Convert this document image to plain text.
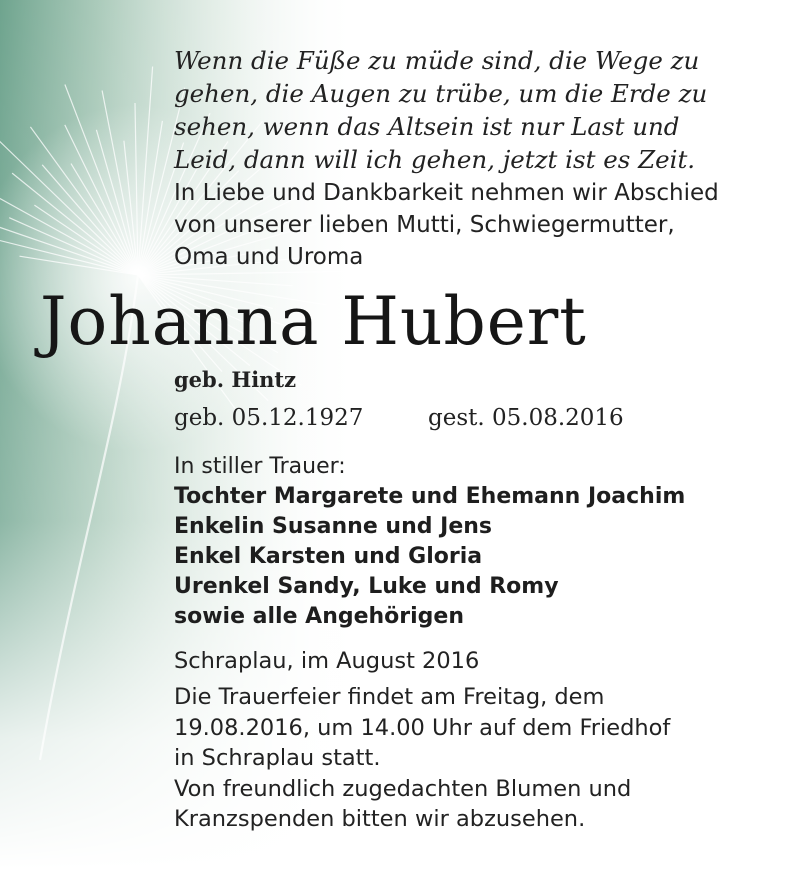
Wenn die Füße zu müde sind, die Wege zu
gehen, die Augen zu trübe, um die Erde zu
sehen, wenn das Altsein ist nur Last und
Leid, dann will ich gehen, jetzt ist es Zeit.
In Liebe und Dankbarkeit nehmen wir Abschied
von unserer lieben Mutti, Schwiegermutter,
Oma und Uroma
Johanna Hubert
geb. Hintz
geb. 05.12.1927	gest. 05.08.2016
In stiller Trauer:
Tochter Margarete und Ehemann Joachim
Enkelin Susanne und Jens
Enkel Karsten und Gloria
Urenkel Sandy, Luke und Romy
sowie alle Angehörigen
Schraplau, im August 2016
Die Trauerfeier findet am Freitag, dem
19.08.2016, um 14.00 Uhr auf dem Friedhof
in Schraplau statt.
Von freundlich zugedachten Blumen und
Kranzspenden bitten wir abzusehen.
